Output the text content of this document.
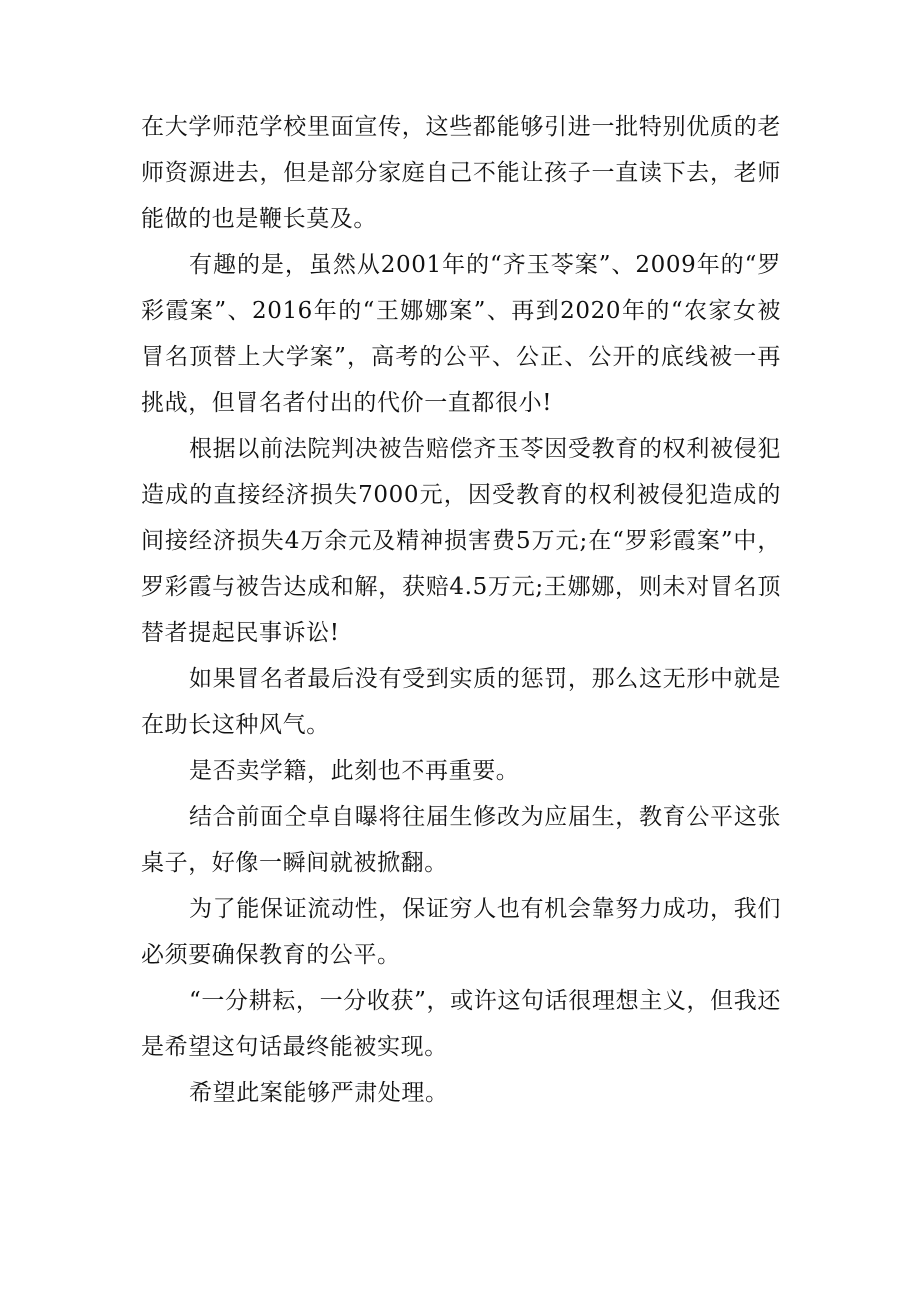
在大学师范学校里面宣传，这些都能够引进一批特别优质的老师资源进去，但是部分家庭自己不能让孩子一直读下去，老师能做的也是鞭长莫及。

有趣的是，虽然从2001年的“齐玉苓案”、2009年的“罗彩霞案”、2016年的“王娜娜案”、再到2020年的“农家女被冒名顶替上大学案”，高考的公平、公正、公开的底线被一再挑战，但冒名者付出的代价一直都很小!

根据以前法院判决被告赔偿齐玉苓因受教育的权利被侵犯造成的直接经济损失7000元，因受教育的权利被侵犯造成的间接经济损失4万余元及精神损害费5万元;在“罗彩霞案”中，罗彩霞与被告达成和解，获赔4.5万元;王娜娜，则未对冒名顶替者提起民事诉讼!

如果冒名者最后没有受到实质的惩罚，那么这无形中就是在助长这种风气。

是否卖学籍，此刻也不再重要。

结合前面仝卓自曝将往届生修改为应届生，教育公平这张桌子，好像一瞬间就被掀翻。

为了能保证流动性，保证穷人也有机会靠努力成功，我们必须要确保教育的公平。

“一分耕耘，一分收获”，或许这句话很理想主义，但我还是希望这句话最终能被实现。

希望此案能够严肃处理。
